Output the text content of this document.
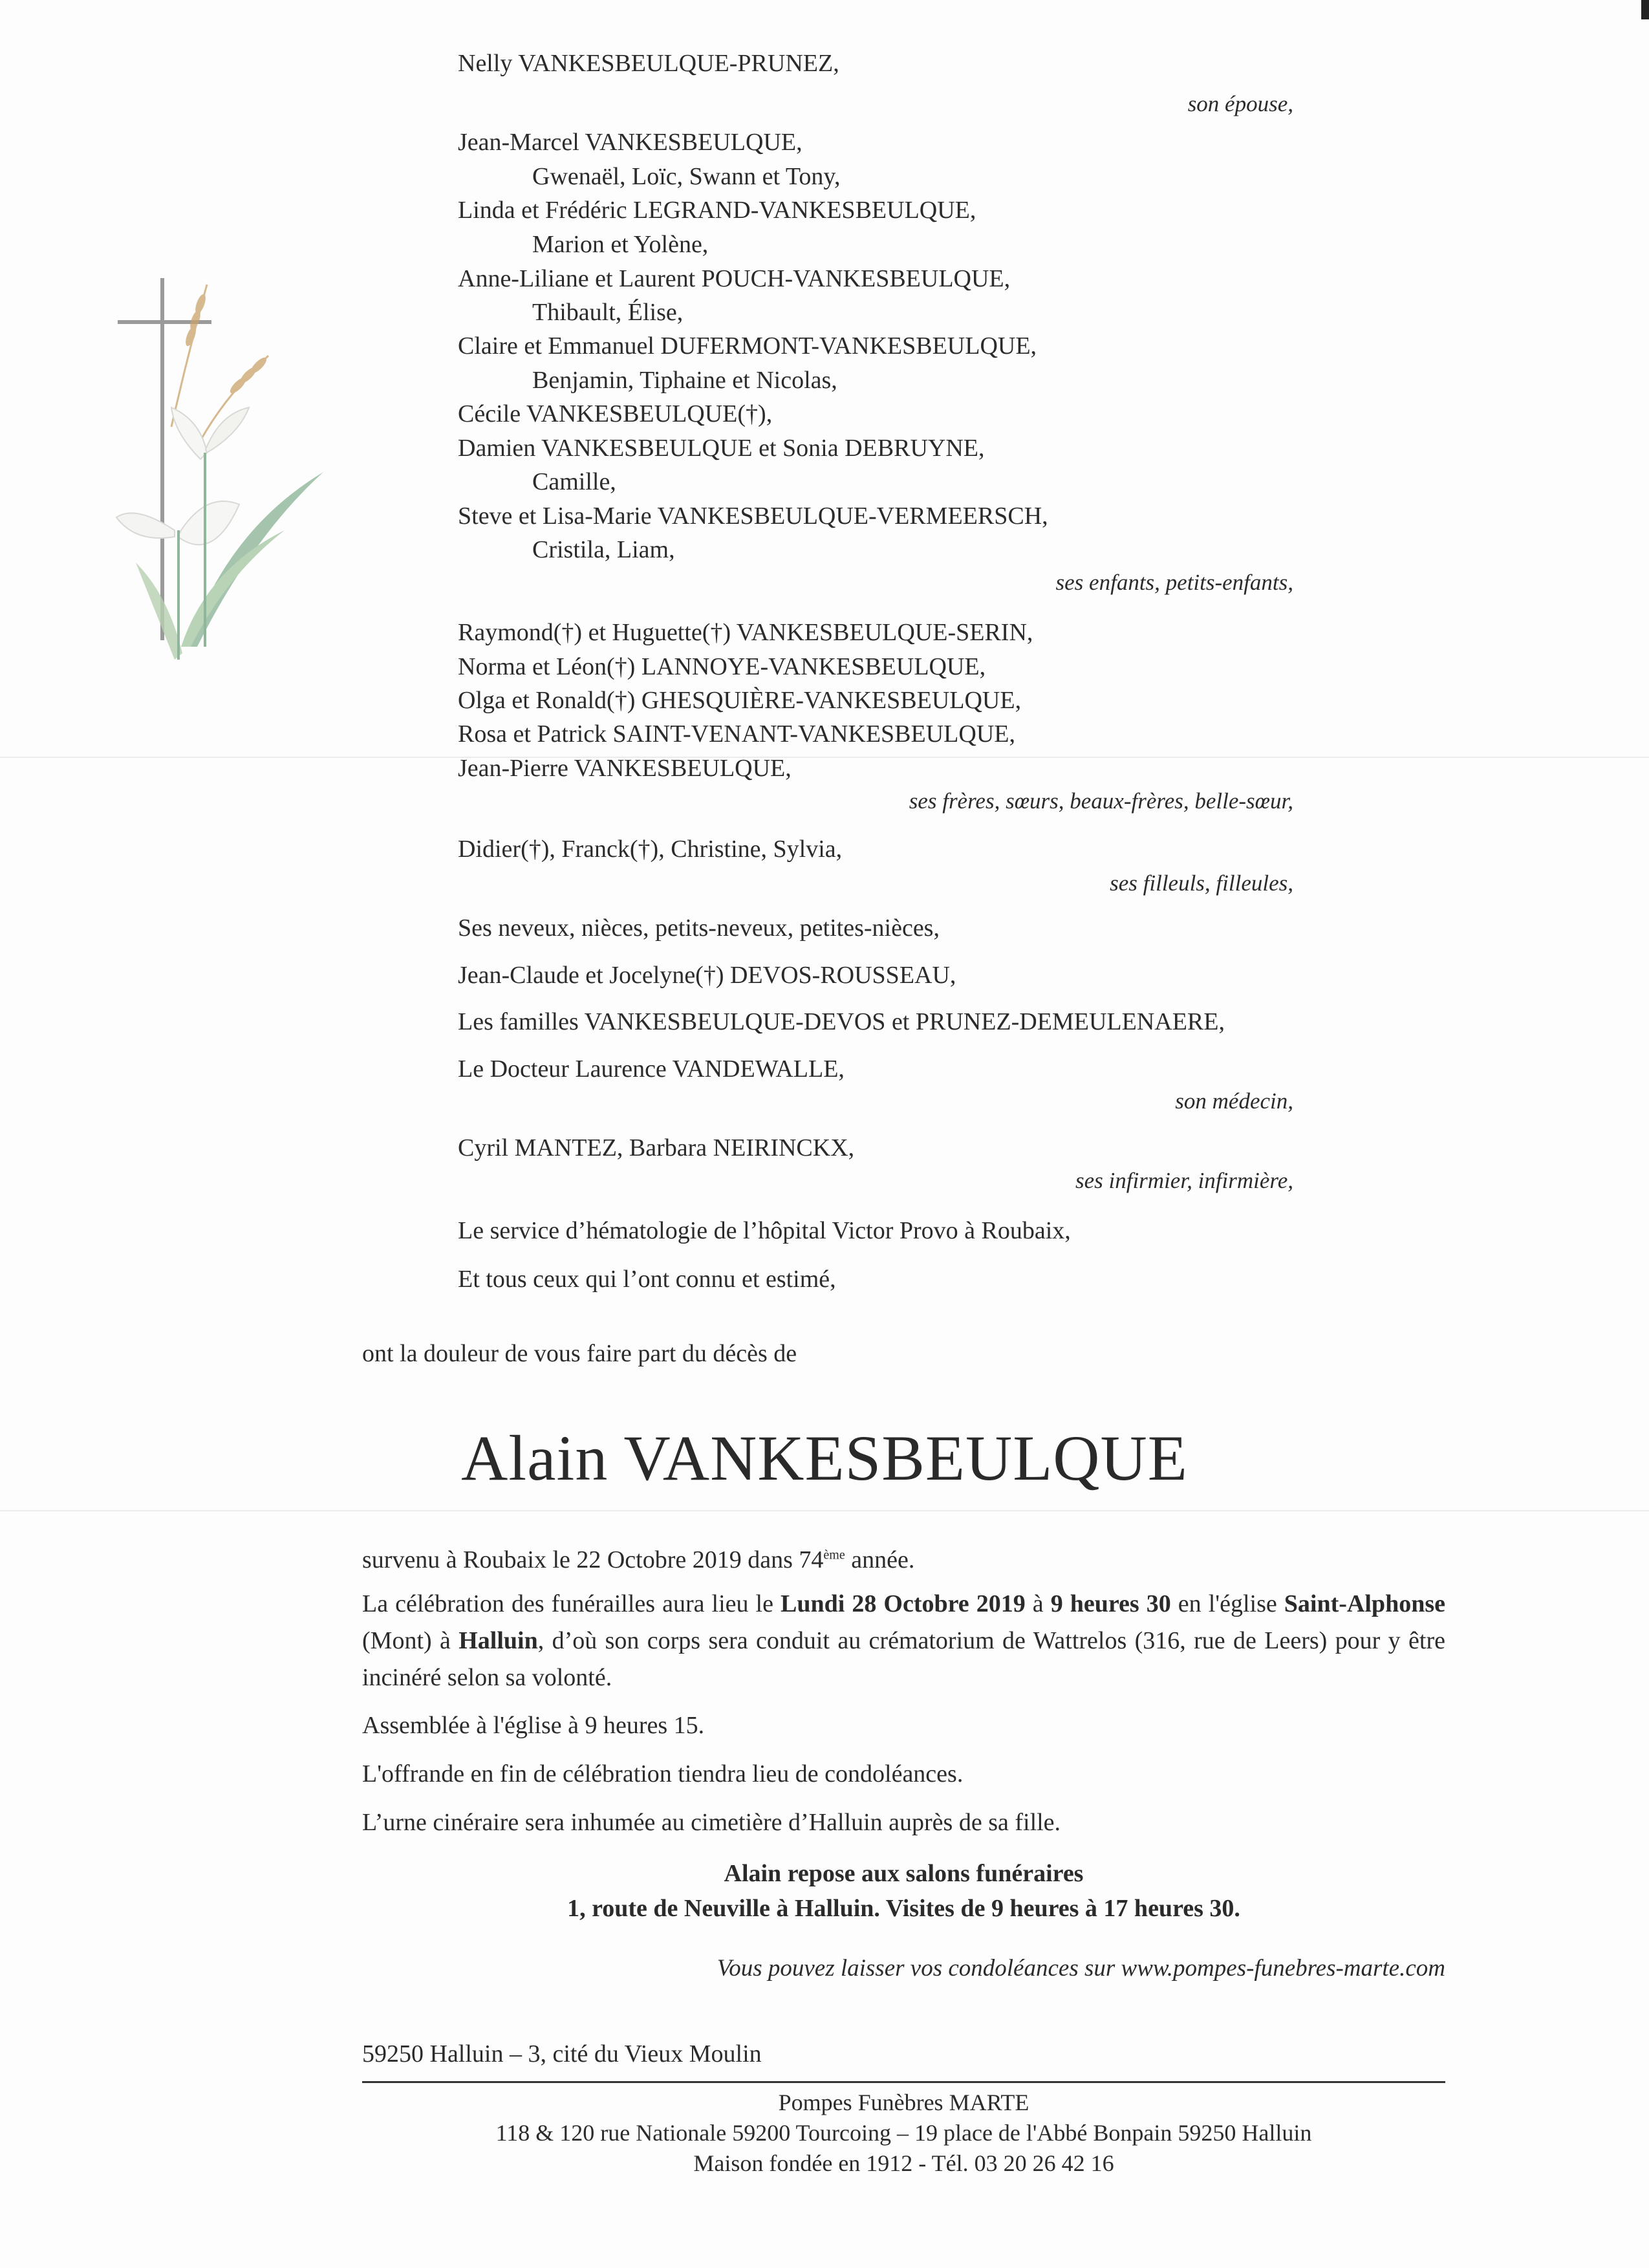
Nelly VANKESBEULQUE-PRUNEZ,
son épouse,
Jean-Marcel VANKESBEULQUE,
Gwenaël, Loïc, Swann et Tony,
Linda et Frédéric LEGRAND-VANKESBEULQUE,
Marion et Yolène,
Anne-Liliane et Laurent POUCH-VANKESBEULQUE,
Thibault, Élise,
Claire et Emmanuel DUFERMONT-VANKESBEULQUE,
Benjamin, Tiphaine et Nicolas,
Cécile VANKESBEULQUE(†),
Damien VANKESBEULQUE et Sonia DEBRUYNE,
Camille,
Steve et Lisa-Marie VANKESBEULQUE-VERMEERSCH,
Cristila, Liam,
ses enfants, petits-enfants,
Raymond(†) et Huguette(†) VANKESBEULQUE-SERIN,
Norma et Léon(†) LANNOYE-VANKESBEULQUE,
Olga et Ronald(†) GHESQUIÈRE-VANKESBEULQUE,
Rosa et Patrick SAINT-VENANT-VANKESBEULQUE,
Jean-Pierre VANKESBEULQUE,
ses frères, sœurs, beaux-frères, belle-sœur,
Didier(†), Franck(†), Christine, Sylvia,
ses filleuls, filleules,
Ses neveux, nièces, petits-neveux, petites-nièces,
Jean-Claude et Jocelyne(†) DEVOS-ROUSSEAU,
Les familles VANKESBEULQUE-DEVOS et PRUNEZ-DEMEULENAERE,
Le Docteur Laurence VANDEWALLE,
son médecin,
Cyril MANTEZ, Barbara NEIRINCKX,
ses infirmier, infirmière,
Le service d’hématologie de l’hôpital Victor Provo à Roubaix,
Et tous ceux qui l’ont connu et estimé,
ont la douleur de vous faire part du décès de
Alain VANKESBEULQUE
survenu à Roubaix le 22 Octobre 2019 dans 74ème année.
La célébration des funérailles aura lieu le Lundi 28 Octobre 2019 à 9 heures 30 en l'église Saint-Alphonse (Mont) à Halluin, d’où son corps sera conduit au crématorium de Wattrelos (316, rue de Leers) pour y être incinéré selon sa volonté.
Assemblée à l'église à 9 heures 15.
L'offrande en fin de célébration tiendra lieu de condoléances.
L’urne cinéraire sera inhumée au cimetière d’Halluin auprès de sa fille.
Alain repose aux salons funéraires
1, route de Neuville à Halluin. Visites de 9 heures à 17 heures 30.
Vous pouvez laisser vos condoléances sur www.pompes-funebres-marte.com
59250 Halluin – 3, cité du Vieux Moulin
Pompes Funèbres MARTE
118 & 120 rue Nationale 59200 Tourcoing – 19 place de l'Abbé Bonpain 59250 Halluin
Maison fondée en 1912 - Tél. 03 20 26 42 16
